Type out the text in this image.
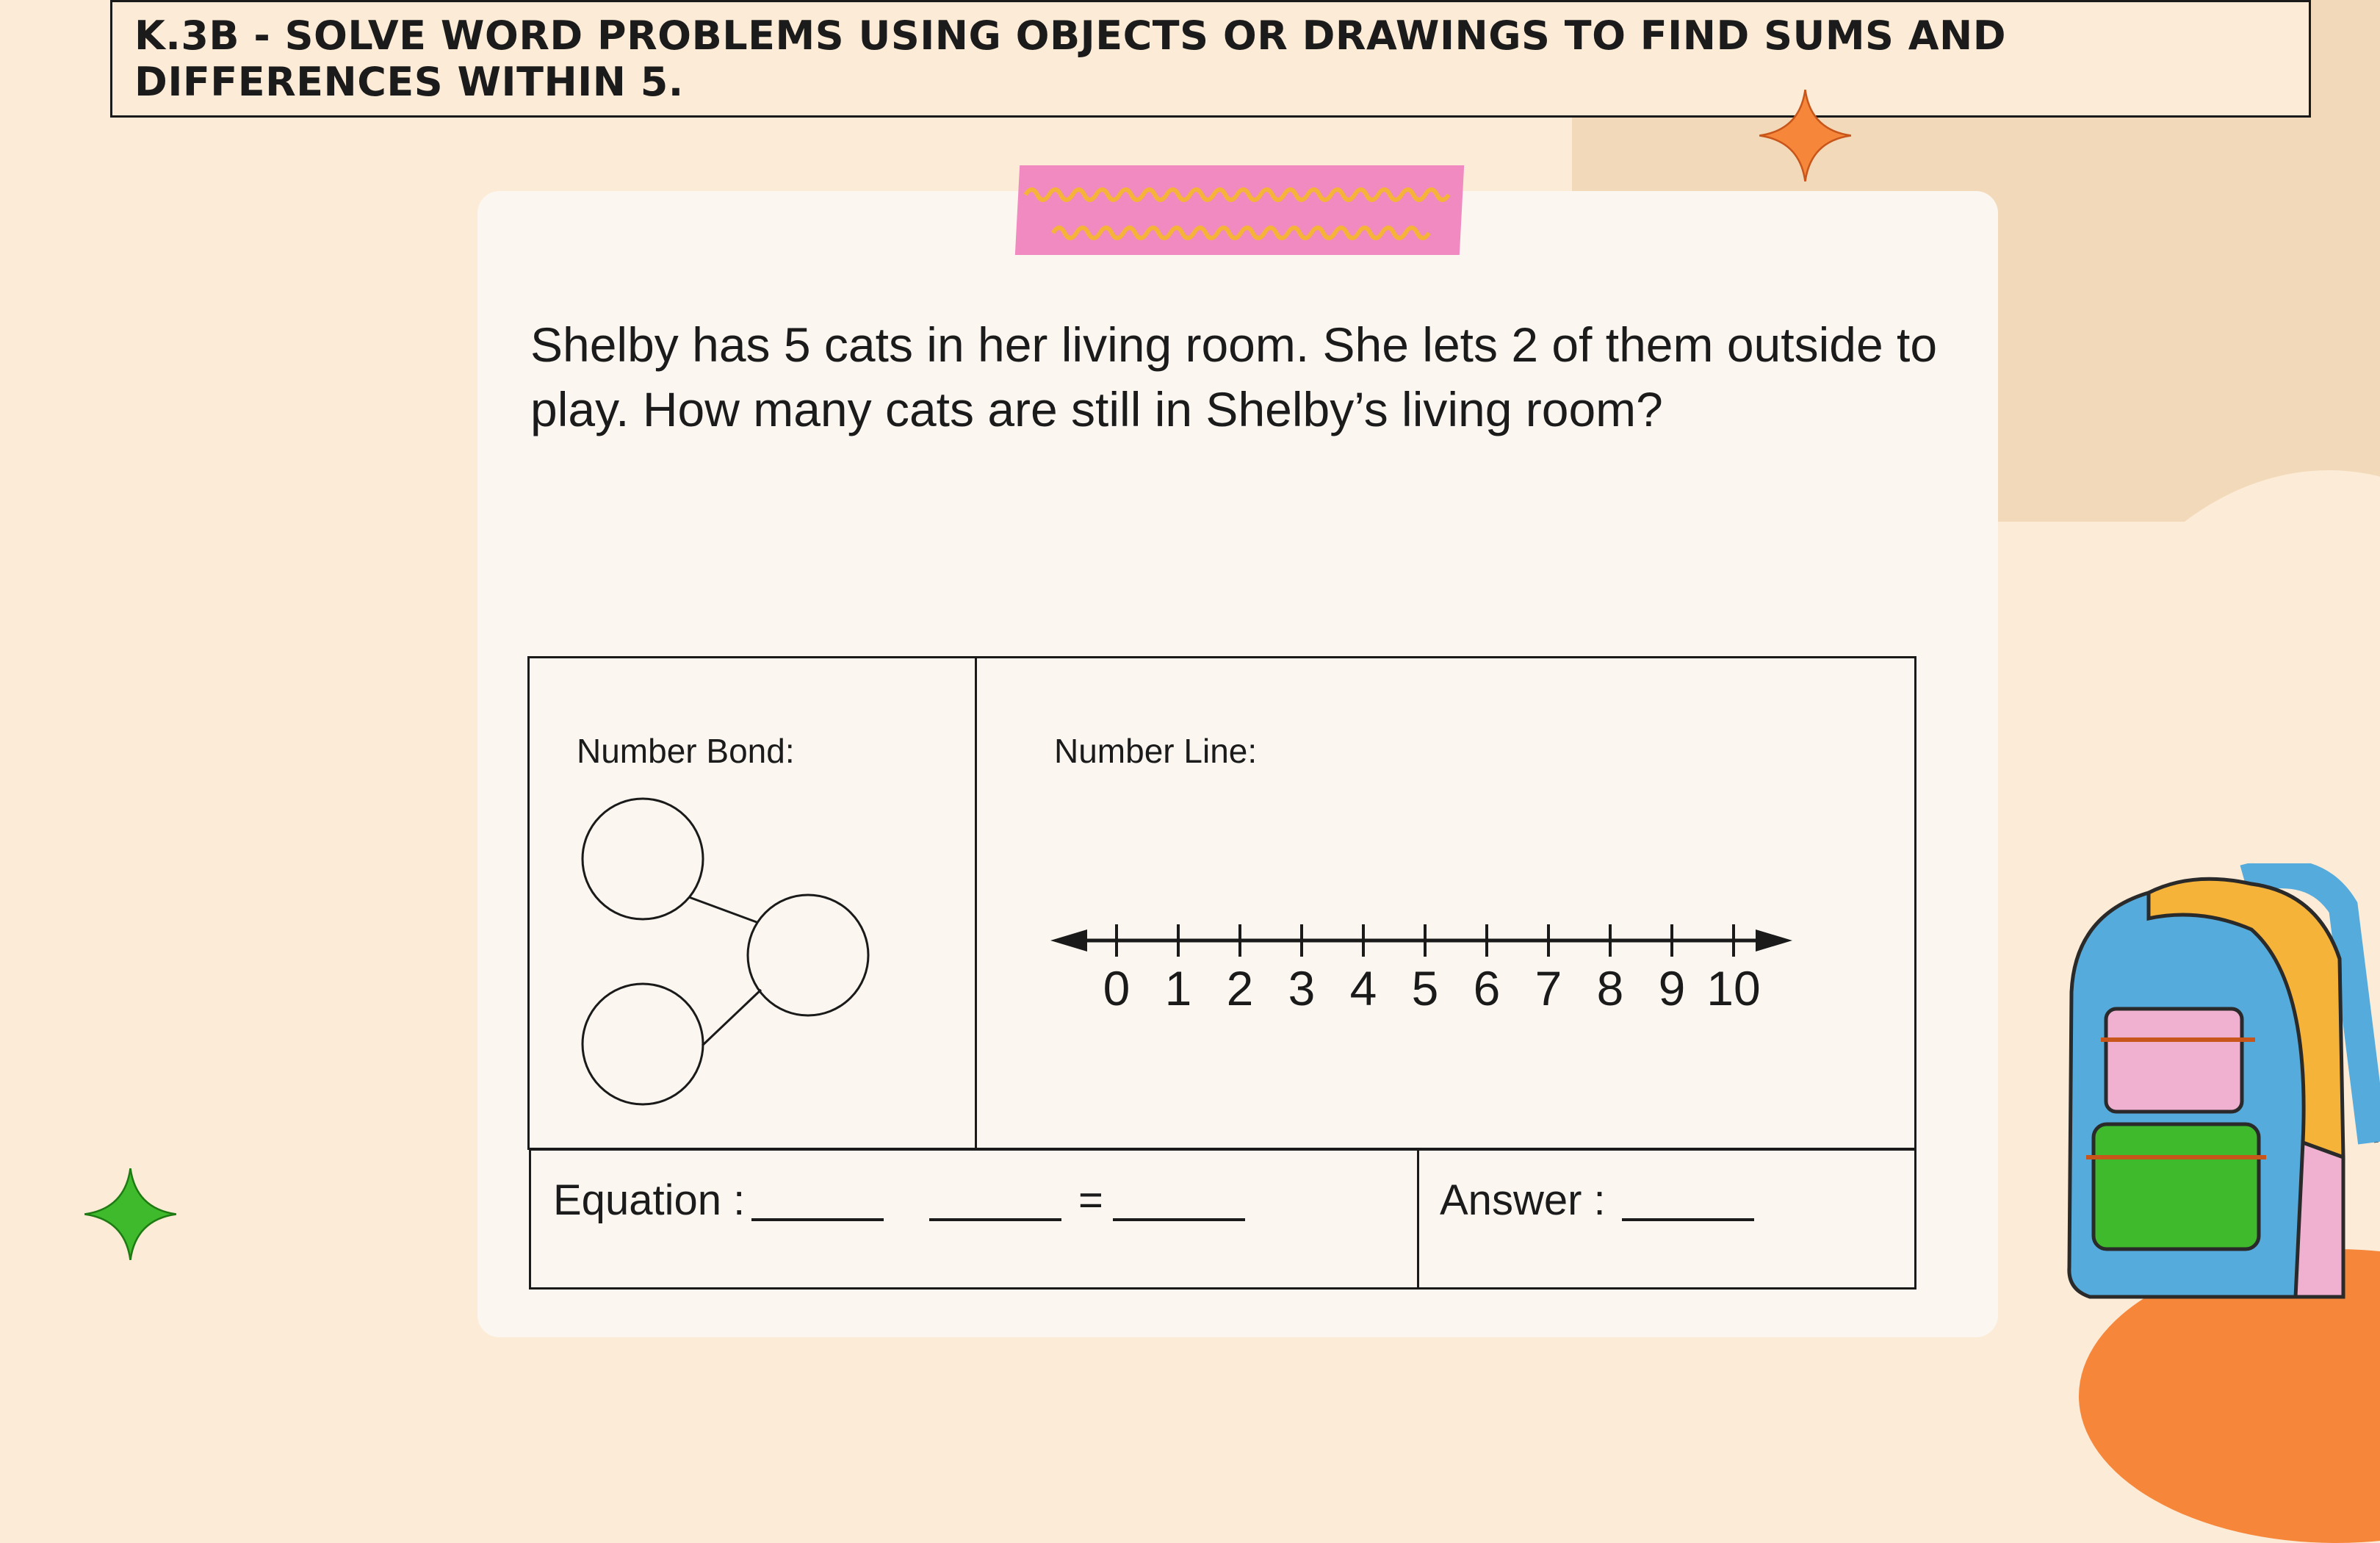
K.3B - SOLVE WORD PROBLEMS USING OBJECTS OR DRAWINGS TO FIND SUMS AND DIFFERENCES WITHIN 5.
Shelby has 5 cats in her living room. She lets 2 of them outside to
play. How many cats are still in Shelby’s living room?
Number Bond:	Number Line:
0 1 2 3 4 5 6 7 8 9 10
Equation :	=	Answer :
